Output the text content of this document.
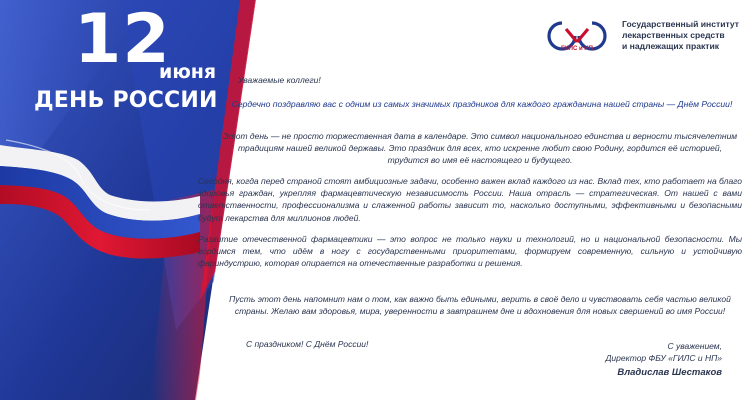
12
июня
ДЕНЬ РОССИИ
ГИЛС и НП
Государственный институт
лекарственных средств
и надлежащих практик

Уважаемые коллеги!

Сердечно поздравляю вас с одним из самых значимых праздников для каждого гражданина нашей страны — Днём России!

Этот день — не просто торжественная дата в календаре. Это символ национального единства и верности тысячелетним традициям нашей великой державы. Это праздник для всех, кто искренне любит свою Родину, гордится её историей, трудится во имя её настоящего и будущего.

Сегодня, когда перед страной стоят амбициозные задачи, особенно важен вклад каждого из нас. Вклад тех, кто работает на благо здоровья граждан, укрепляя фармацевтическую независимость России. Наша отрасль — стратегическая. От нашей с вами ответственности, профессионализма и слаженной работы зависит то, насколько доступными, эффективными и безопасными будут лекарства для миллионов людей.

Развитие отечественной фармацевтики — это вопрос не только науки и технологий, но и национальной безопасности. Мы гордимся тем, что идём в ногу с государственными приоритетами, формируем современную, сильную и устойчивую фариндустрию, которая опирается на отечественные разработки и решения.

Пусть этот день напомнит нам о том, как важно быть едиными, верить в своё дело и чувствовать себя частью великой страны. Желаю вам здоровья, мира, уверенности в завтрашнем дне и вдохновения для новых свершений во имя России!

С праздником! С Днём России!	С уважением,
Директор ФБУ «ГИЛС и НП»
Владислав Шестаков
